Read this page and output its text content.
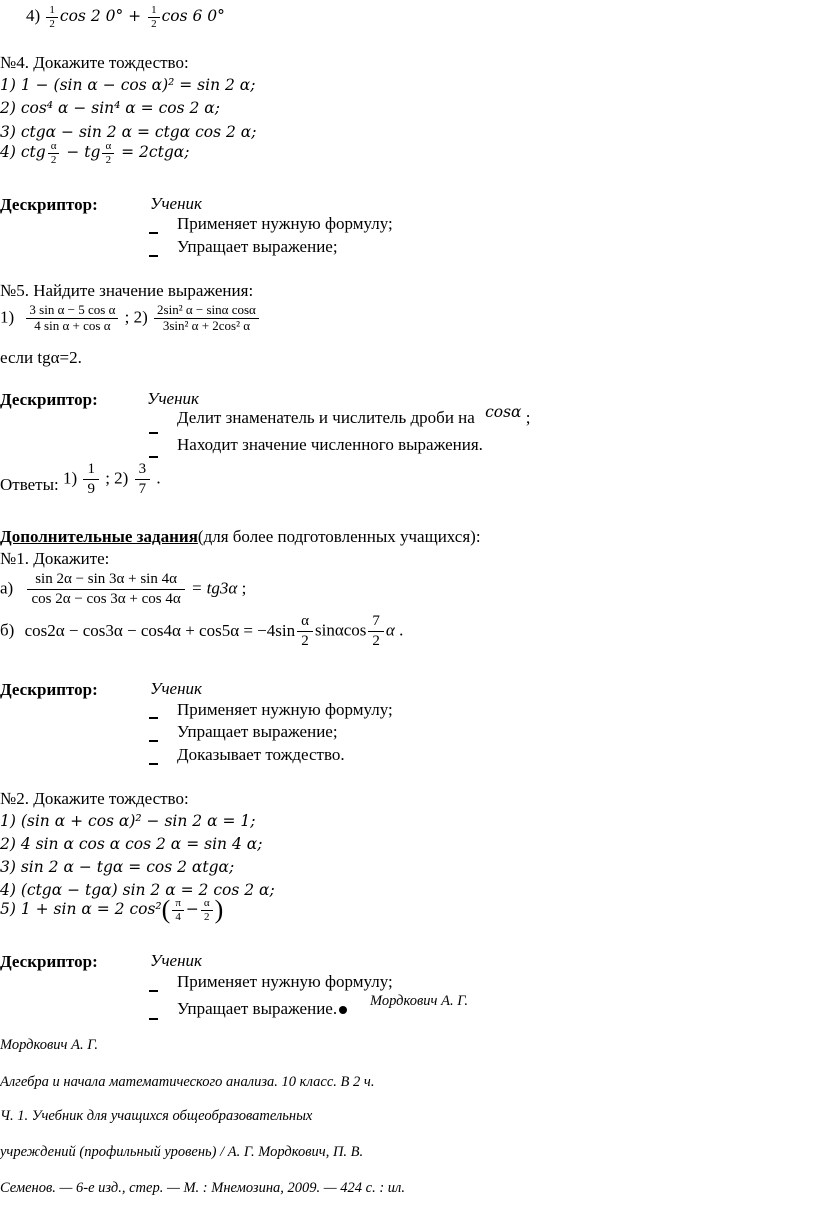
$4) \frac{1}{2}$ cos 2 $0^\circ + \frac{1}{2}$ cos 6 0°
№4. Докажите тождество:
1) 1 − (sin α − cos α)² = sin 2 α;
2) cos⁴ α − sin⁴ α = cos 2 α;
3) ctgα − sin 2 α = ctgα cos 2 α;
4) ctg $\frac{\alpha}{2}$ − tg $\frac{\alpha}{2} = 2ctg\alpha$;
Дескриптор:	Ученик
Применяет нужную формулу;
Упращает выражение;
№5. Найдите значение выражения:
$1) \frac{\text{3 sin α − 5 cos α}}{\text{4 sin α + cos α}}$ ; $2) \frac{\text{2sin² α − sinα cosα}}{\text{3sin² α + 2cos² α}}$
если tgα=2.
Дескриптор:	Ученик
Делит знаменатель и числитель дроби на cosα ;
Находит значение численного выражения.
Ответы: $1) \frac{1}{9}$ ; $2) \frac{3}{7}$ .
Дополнительные задания(для более подготовленных учащихся):
№1. Докажите:
$а) \frac{\sin 2\alpha - \sin 3\alpha + \sin 4\alpha}{\cos 2\alpha - \cos 3\alpha + \cos 4\alpha} = tg3\alpha$ ;
б) $\cos 2\alpha - \cos 3\alpha - \cos 4\alpha + \cos 5\alpha = -4\sin \frac{\alpha}{2}$ sinαcos $\frac{7}{2}$ α .
Дескриптор:	Ученик
Применяет нужную формулу;
Упращает выражение;
Доказывает тождество.
№2. Докажите тождество:
1) (sin α + cos α)² − sin 2 α = 1;
2) 4 sin α cos α cos 2 α = sin 4 α;
3) sin 2 α − tgα = cos 2 αtgα;
4) (ctgα − tgα) sin 2 α = 2 cos 2 α;
5) 1 + sin α = 2 $\cos^2( \frac{\pi}{4} - \frac{\alpha}{2}$ )
Дескриптор:	Ученик
Применяет нужную формулу;
Упращает выражение.	Мордкович А. Г.
Мордкович А. Г.
Алгебра и начала математического анализа. 10 класс. В 2 ч.
Ч. 1. Учебник для учащихся общеобразовательных
учреждений (профильный уровень) / А. Г. Мордкович, П. В.
Семенов. — 6-е изд., стер. — М. : Мнемозина, 2009. — 424 с. : ил.
